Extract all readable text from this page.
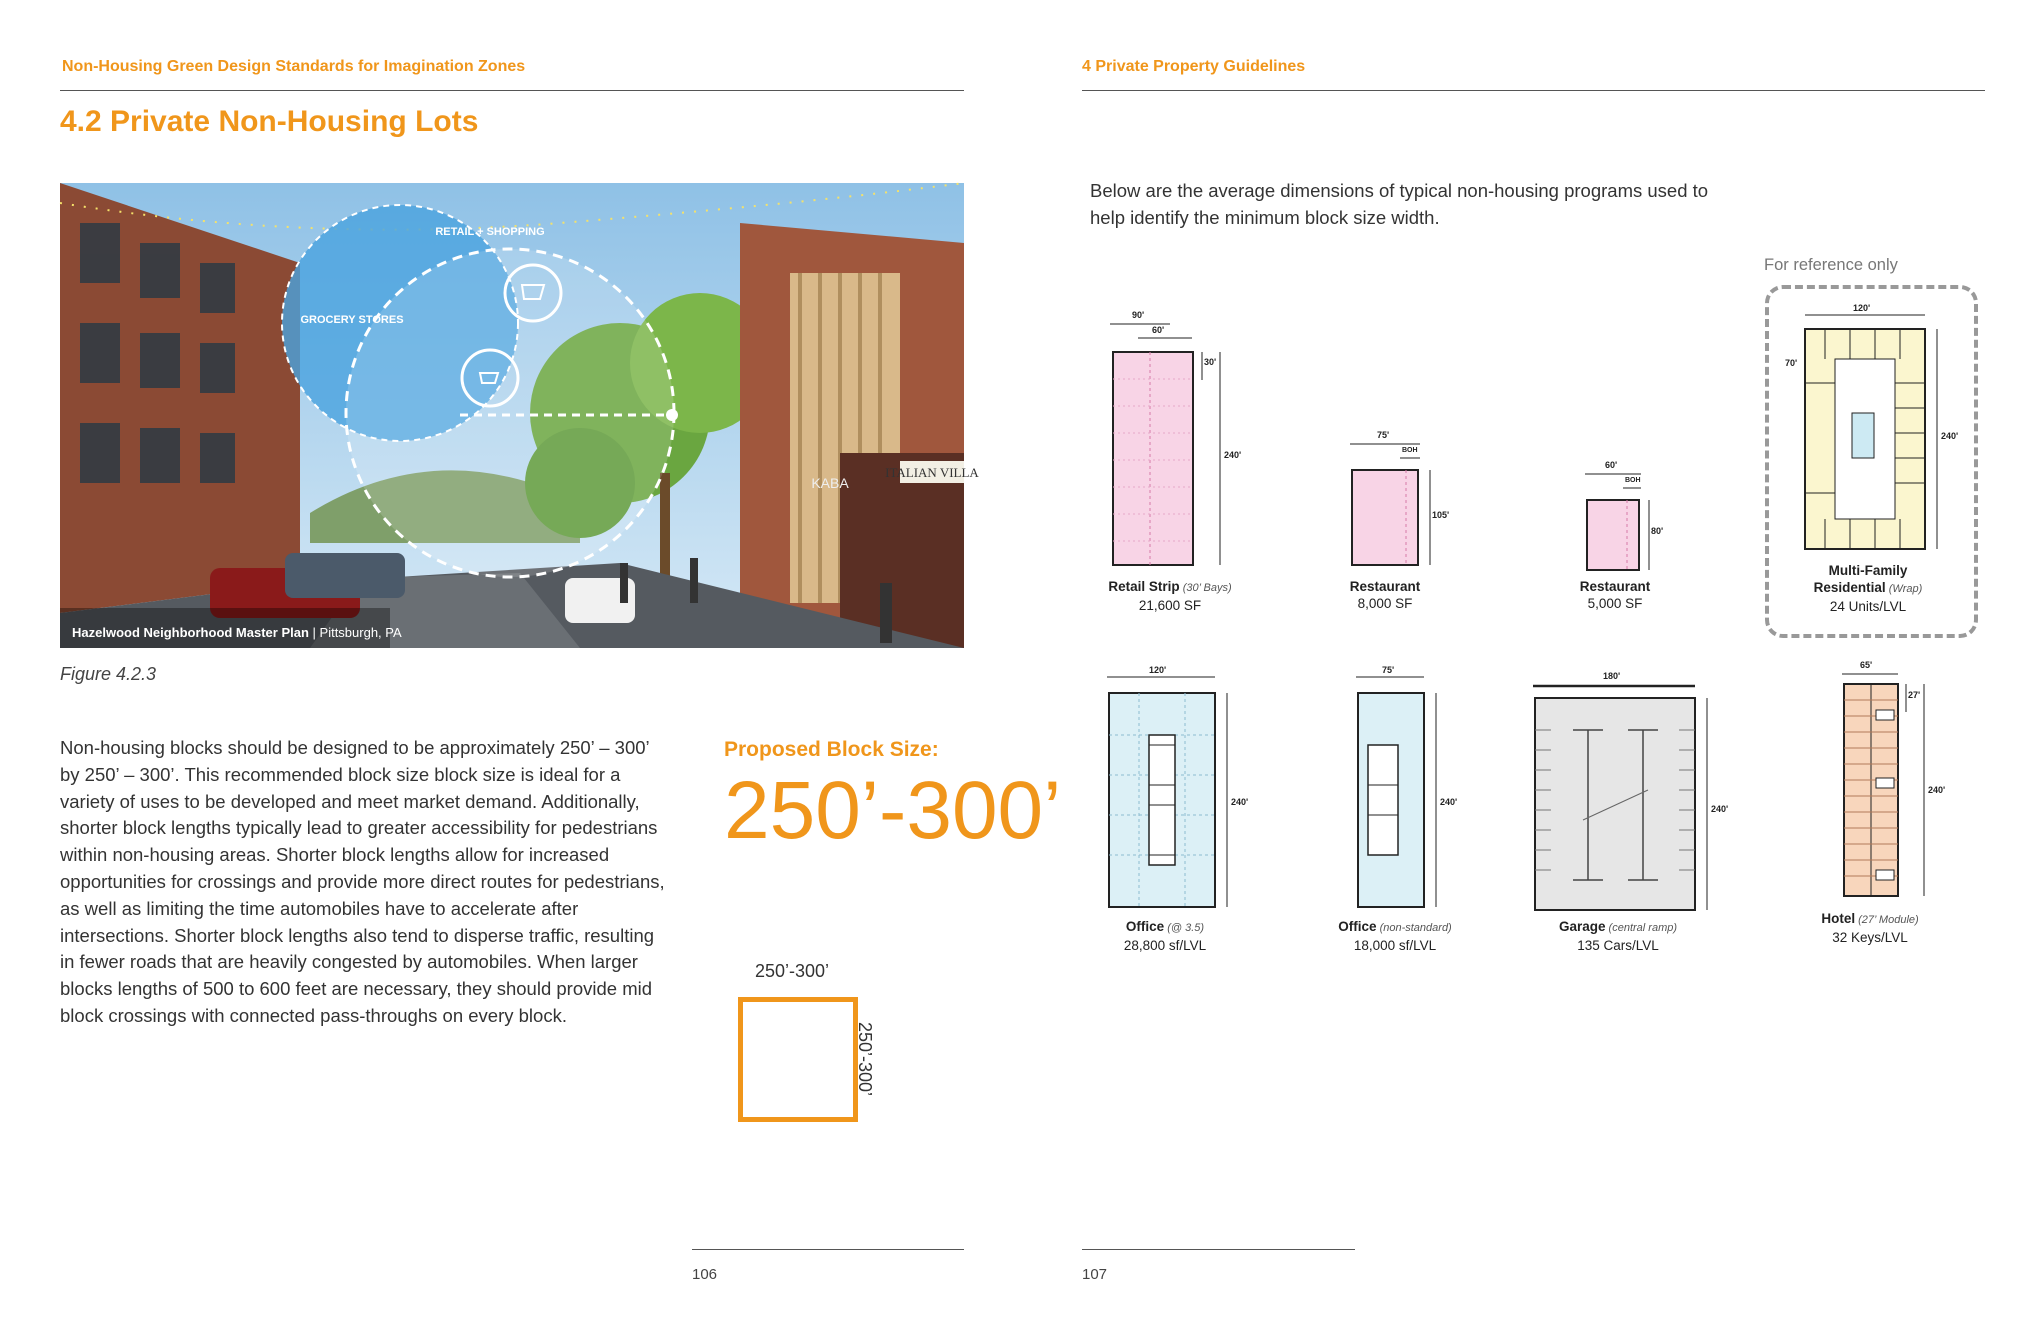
Non-Housing Green Design Standards for Imagination Zones
4.2 Private Non-Housing Lots
ITALIAN VILLA
KABA
RETAIL + SHOPPING
GROCERY STORES
Hazelwood Neighborhood Master Plan | Pittsburgh, PA
Figure 4.2.3

Non-housing blocks should be designed to be approximately 250’ – 300’ by 250’ – 300’. This recommended block size block size is ideal for a variety of uses to be developed and meet market demand. Additionally, shorter block lengths typically lead to greater accessibility for pedestrians within non-housing areas. Shorter block lengths allow for increased opportunities for crossings and provide more direct routes for pedestrians, as well as limiting the time automobiles have to accelerate after intersections. Shorter block lengths also tend to disperse traffic, resulting in fewer roads that are heavily congested by automobiles. When larger blocks lengths of 500 to 600 feet are necessary, they should provide mid block crossings with connected pass-throughs on every block.

Proposed Block Size:
250’-300’
250’-300’
250’-300’
106
4 Private Property Guidelines

Below are the average dimensions of typical non-housing programs used to help identify the minimum block size width.

For reference only
90'
60'
30'
240'
Retail Strip (30’ Bays)
21,600 SF
75'
BOH
105'
Restaurant
8,000 SF
60'
BOH
80'
Restaurant
5,000 SF
120'
70'
240'
Multi-Family
Residential (Wrap)
24 Units/LVL
120'
240'
Office (@ 3.5)
28,800 sf/LVL
75'
240'
Office (non-standard)
18,000 sf/LVL
180'
240'
Garage (central ramp)
135 Cars/LVL
65'
27'
240'
Hotel (27’ Module)
32 Keys/LVL
107
